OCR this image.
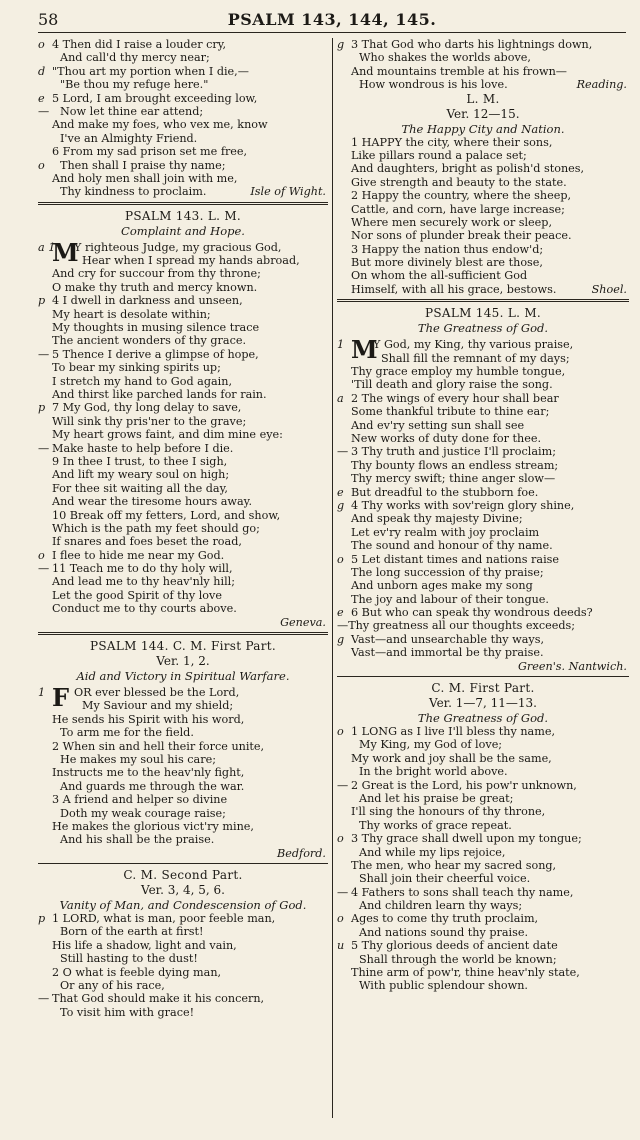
58	PSALM 143, 144, 145.
o 4 Then did I raise a louder cry,
And call'd thy mercy near;
d "Thou art my portion when I die,—
"Be thou my refuge here."
e 5 Lord, I am brought exceeding low,
— Now let thine ear attend;
And make my foes, who vex me, know
I've an Almighty Friend.
6 From my sad prison set me free,
o	Then shall I praise thy name;
And holy men shall join with me,
Thy kindness to proclaim.	Isle of Wight.
PSALM 143. L. M.
Complaint and Hope.
a 1
M
Y righteous Judge, my gracious God,
Hear when I spread my hands abroad,
And cry for succour from thy throne;
O make thy truth and mercy known.
p 4 I dwell in darkness and unseen,
My heart is desolate within;
My thoughts in musing silence trace
The ancient wonders of thy grace.
— 5 Thence I derive a glimpse of hope,
To bear my sinking spirits up;
I stretch my hand to God again,
And thirst like parched lands for rain.
p 7 My God, thy long delay to save,
Will sink thy pris'ner to the grave;
My heart grows faint, and dim mine eye:
— Make haste to help before I die.
9 In thee I trust, to thee I sigh,
And lift my weary soul on high;
For thee sit waiting all the day,
And wear the tiresome hours away.
10 Break off my fetters, Lord, and show,
Which is the path my feet should go;
If snares and foes beset the road,
o I flee to hide me near my God.
— 11 Teach me to do thy holy will,
And lead me to thy heav'nly hill;
Let the good Spirit of thy love
Conduct me to thy courts above.
Geneva.
PSALM 144. C. M. First Part.
Ver. 1, 2.
Aid and Victory in Spiritual Warfare.
1 F OR ever blessed be the Lord,
My Saviour and my shield;
He sends his Spirit with his word,
To arm me for the field.
2 When sin and hell their force unite,
He makes my soul his care;
Instructs me to the heav'nly fight,
And guards me through the war.
3 A friend and helper so divine
Doth my weak courage raise;
He makes the glorious vict'ry mine,
And his shall be the praise.
Bedford.
C. M. Second Part.
Ver. 3, 4, 5, 6.
Vanity of Man, and Condescension of God.
p 1 LORD, what is man, poor feeble man,
Born of the earth at first!
His life a shadow, light and vain,
Still hasting to the dust!
2 O what is feeble dying man,
Or any of his race,
— That God should make it his concern,
To visit him with grace!
g 3 That God who darts his lightnings down,
Who shakes the worlds above,
And mountains tremble at his frown—
How wondrous is his love.	Reading.
L. M.
Ver. 12—15.
The Happy City and Nation.
1 HAPPY the city, where their sons,
Like pillars round a palace set;
And daughters, bright as polish'd stones,
Give strength and beauty to the state.
2 Happy the country, where the sheep,
Cattle, and corn, have large increase;
Where men securely work or sleep,
Nor sons of plunder break their peace.
3 Happy the nation thus endow'd;
But more divinely blest are those,
On whom the all-sufficient God
Himself, with all his grace, bestows.	Shoel.
PSALM 145. L. M.
The Greatness of God.
1 M
Y God, my King, thy various praise,
Shall fill the remnant of my days;
Thy grace employ my humble tongue,
'Till death and glory raise the song.
a 2 The wings of every hour shall bear
Some thankful tribute to thine ear;
And ev'ry setting sun shall see
New works of duty done for thee.
— 3 Thy truth and justice I'll proclaim;
Thy bounty flows an endless stream;
Thy mercy swift; thine anger slow—
e But dreadful to the stubborn foe.
g 4 Thy works with sov'reign glory shine,
And speak thy majesty Divine;
Let ev'ry realm with joy proclaim
The sound and honour of thy name.
o 5 Let distant times and nations raise
The long succession of thy praise;
And unborn ages make my song
The joy and labour of their tongue.
e 6 But who can speak thy wondrous deeds?
—Thy greatness all our thoughts exceeds;
g Vast—and unsearchable thy ways,
Vast—and immortal be thy praise.
Green's. Nantwich.
C. M. First Part.
Ver. 1—7, 11—13.
The Greatness of God.
o 1 LONG as I live I'll bless thy name,
My King, my God of love;
My work and joy shall be the same,
In the bright world above.
— 2 Great is the Lord, his pow'r unknown,
And let his praise be great;
I'll sing the honours of thy throne,
Thy works of grace repeat.
o 3 Thy grace shall dwell upon my tongue;
And while my lips rejoice,
The men, who hear my sacred song,
Shall join their cheerful voice.
— 4 Fathers to sons shall teach thy name,
And children learn thy ways;
o Ages to come thy truth proclaim,
And nations sound thy praise.
u 5 Thy glorious deeds of ancient date
Shall through the world be known;
Thine arm of pow'r, thine heav'nly state,
With public splendour shown.
